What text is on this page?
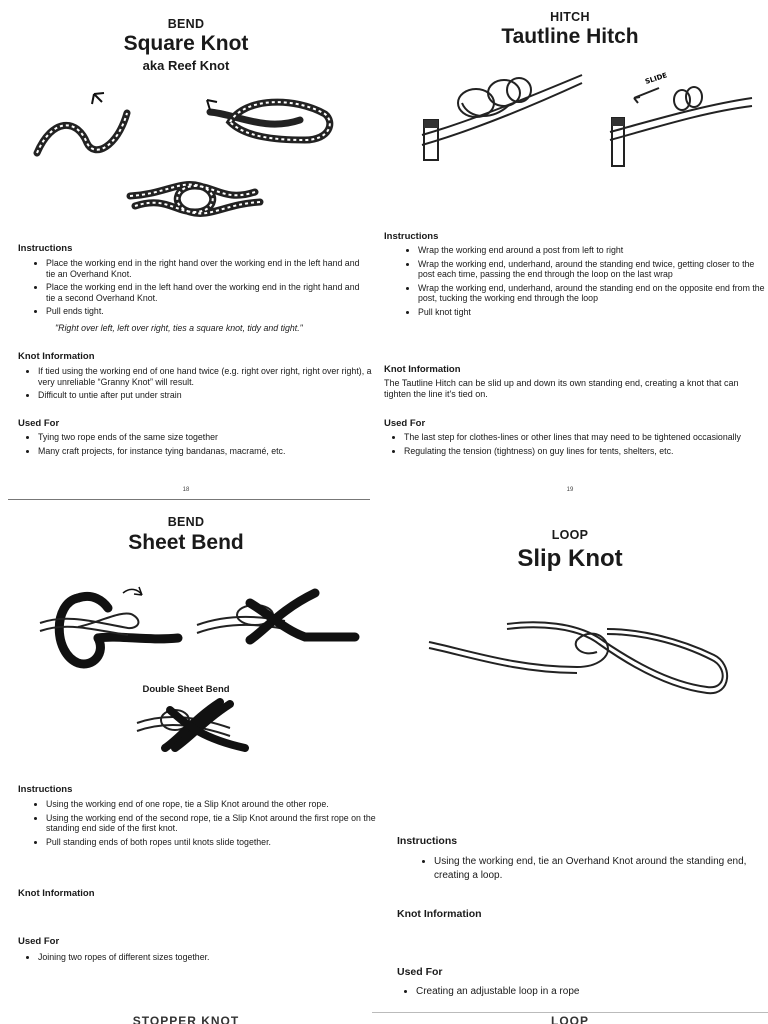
BEND
Square Knot
aka Reef Knot
Instructions
• Place the working end in the right hand over the working end in the left hand and tie an Overhand Knot.
• Place the working end in the left hand over the working end in the right hand and tie a second Overhand Knot.
• Pull ends tight.
"Right over left, left over right, ties a square knot, tidy and tight."
Knot Information
• If tied using the working end of one hand twice (e.g. right over right, right over right), a very unreliable “Granny Knot” will result.
• Difficult to untie after put under strain
Used For
• Tying two rope ends of the same size together
• Many craft projects, for instance tying bandanas, macramé, etc.
18
HITCH
Tautline Hitch
SLIDE
Instructions
• Wrap the working end around a post from left to right
• Wrap the working end, underhand, around the standing end twice, getting closer to the post each time, passing the end through the loop on the last wrap
• Wrap the working end, underhand, around the standing end on the opposite end from the post, tucking the working end through the loop
• Pull knot tight
Knot Information
The Tautline Hitch can be slid up and down its own standing end, creating a knot that can tighten the line it's tied on.
Used For
• The last step for clothes-lines or other lines that may need to be tightened occasionally
• Regulating the tension (tightness) on guy lines for tents, shelters, etc.
19
BEND
Sheet Bend
Double Sheet Bend
Instructions
• Using the working end of one rope, tie a Slip Knot around the other rope.
• Using the working end of the second rope, tie a Slip Knot around the first rope on the standing end side of the first knot.
• Pull standing ends of both ropes until knots slide together.
Knot Information
Used For
• Joining two ropes of different sizes together.
LOOP
Slip Knot
Instructions
• Using the working end, tie an Overhand Knot around the standing end, creating a loop.
Knot Information
Used For
• Creating an adjustable loop in a rope
STOPPER KNOT	LOOP
